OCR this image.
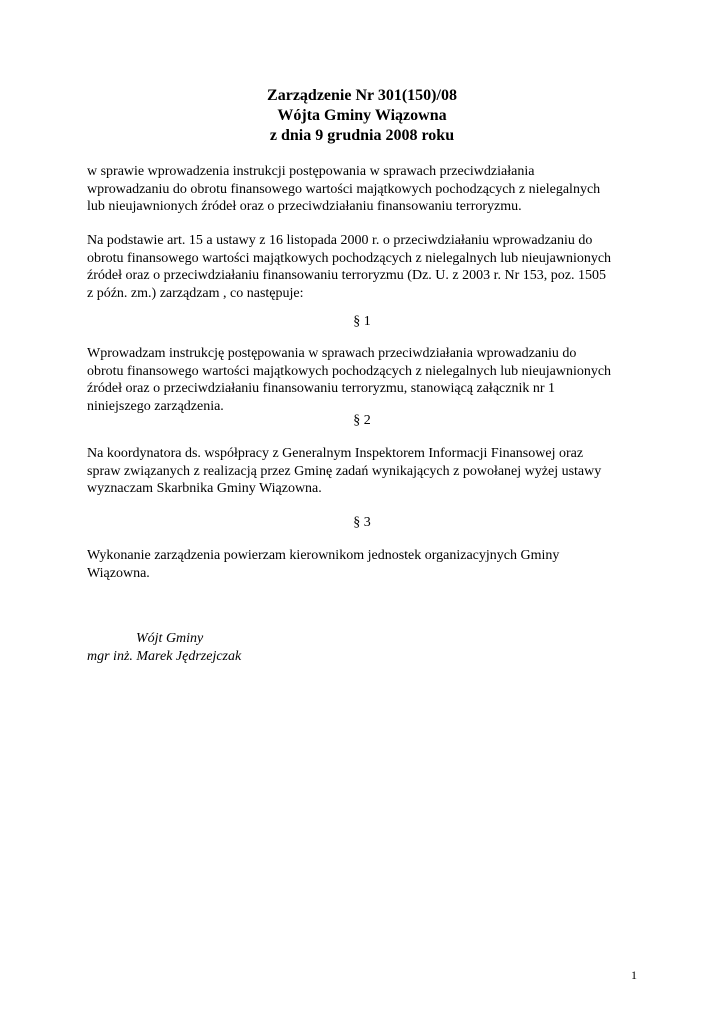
Zarządzenie Nr 301(150)/08
Wójta Gminy Wiązowna
z dnia 9 grudnia 2008 roku
w sprawie wprowadzenia instrukcji postępowania w sprawach przeciwdziałania
wprowadzaniu do obrotu finansowego wartości majątkowych pochodzących z nielegalnych
lub nieujawnionych źródeł oraz o przeciwdziałaniu finansowaniu terroryzmu.
Na podstawie art. 15 a ustawy z 16 listopada 2000 r. o przeciwdziałaniu wprowadzaniu do
obrotu finansowego wartości majątkowych pochodzących z nielegalnych lub nieujawnionych
źródeł oraz o przeciwdziałaniu finansowaniu terroryzmu (Dz. U. z 2003 r. Nr 153, poz. 1505
z późn. zm.) zarządzam , co następuje:
§ 1
Wprowadzam instrukcję postępowania w sprawach przeciwdziałania wprowadzaniu do
obrotu finansowego wartości majątkowych pochodzących z nielegalnych lub nieujawnionych
źródeł oraz o przeciwdziałaniu finansowaniu terroryzmu, stanowiącą załącznik nr 1
niniejszego zarządzenia.
§ 2
Na koordynatora ds. współpracy z Generalnym Inspektorem Informacji Finansowej oraz
spraw związanych z realizacją przez Gminę zadań wynikających z powołanej wyżej ustawy
wyznaczam Skarbnika Gminy Wiązowna.
§ 3
Wykonanie zarządzenia powierzam kierownikom jednostek organizacyjnych Gminy
Wiązowna.
Wójt Gminy
mgr inż. Marek Jędrzejczak
1
